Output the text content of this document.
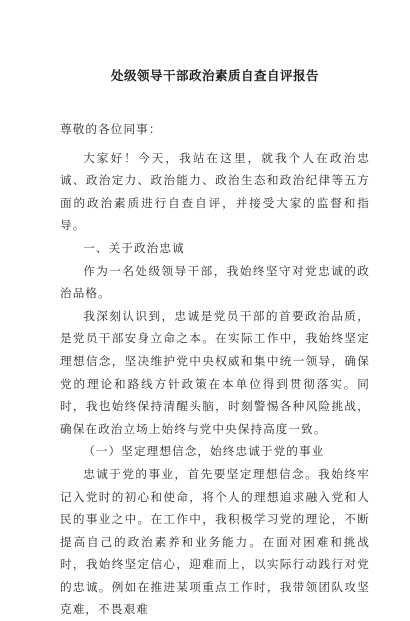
处级领导干部政治素质自查自评报告

尊敬的各位同事：

大家好！今天，我站在这里，就我个人在政治忠诚、政治定力、政治能力、政治生态和政治纪律等五方面的政治素质进行自查自评，并接受大家的监督和指导。

一、关于政治忠诚

作为一名处级领导干部，我始终坚守对党忠诚的政治品格。

我深刻认识到，忠诚是党员干部的首要政治品质，是党员干部安身立命之本。在实际工作中，我始终坚定理想信念，坚决维护党中央权威和集中统一领导，确保党的理论和路线方针政策在本单位得到贯彻落实。同时，我也始终保持清醒头脑，时刻警惕各种风险挑战，确保在政治立场上始终与党中央保持高度一致。

（一）坚定理想信念，始终忠诚于党的事业

忠诚于党的事业，首先要坚定理想信念。我始终牢记入党时的初心和使命，将个人的理想追求融入党和人民的事业之中。在工作中，我积极学习党的理论，不断提高自己的政治素养和业务能力。在面对困难和挑战时，我始终坚定信心，迎难而上，以实际行动践行对党的忠诚。例如在推进某项重点工作时，我带领团队攻坚克难，不畏艰难
